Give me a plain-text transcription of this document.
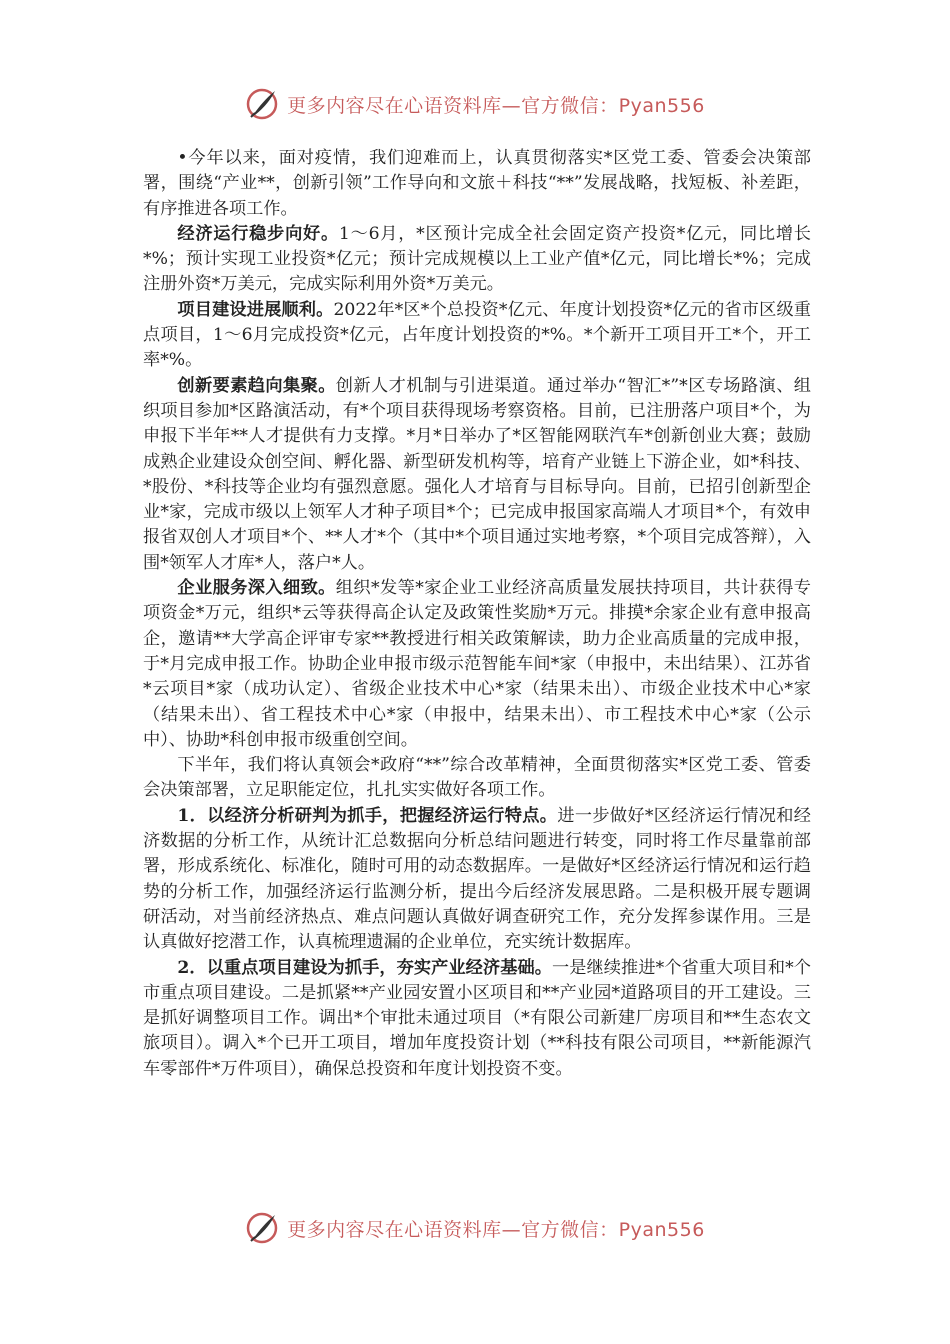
更多内容尽在心语资料库—官方微信：Pyan556

•今年以来，面对疫情，我们迎难而上，认真贯彻落实*区党工委、管委会决策部署，围绕“产业**，创新引领”工作导向和文旅＋科技“**”发展战略，找短板、补差距，有序推进各项工作。

经济运行稳步向好。1～6月，*区预计完成全社会固定资产投资*亿元，同比增长*%；预计实现工业投资*亿元；预计完成规模以上工业产值*亿元，同比增长*%；完成注册外资*万美元，完成实际利用外资*万美元。

项目建设进展顺利。2022年*区*个总投资*亿元、年度计划投资*亿元的省市区级重点项目，1～6月完成投资*亿元，占年度计划投资的*%。*个新开工项目开工*个，开工率*%。

创新要素趋向集聚。创新人才机制与引进渠道。通过举办“智汇*”*区专场路演、组织项目参加*区路演活动，有*个项目获得现场考察资格。目前，已注册落户项目*个，为申报下半年**人才提供有力支撑。*月*日举办了*区智能网联汽车*创新创业大赛；鼓励成熟企业建设众创空间、孵化器、新型研发机构等，培育产业链上下游企业，如*科技、*股份、*科技等企业均有强烈意愿。强化人才培育与目标导向。目前，已招引创新型企业*家，完成市级以上领军人才种子项目*个；已完成申报国家高端人才项目*个，有效申报省双创人才项目*个、**人才*个（其中*个项目通过实地考察，*个项目完成答辩），入围*领军人才库*人，落户*人。

企业服务深入细致。组织*发等*家企业工业经济高质量发展扶持项目，共计获得专项资金*万元，组织*云等获得高企认定及政策性奖励*万元。排摸*余家企业有意申报高企，邀请**大学高企评审专家**教授进行相关政策解读，助力企业高质量的完成申报，于*月完成申报工作。协助企业申报市级示范智能车间*家（申报中，未出结果）、江苏省*云项目*家（成功认定）、省级企业技术中心*家（结果未出）、市级企业技术中心*家（结果未出）、省工程技术中心*家（申报中，结果未出）、市工程技术中心*家（公示中）、协助*科创申报市级重创空间。

下半年，我们将认真领会*政府“**”综合改革精神，全面贯彻落实*区党工委、管委会决策部署，立足职能定位，扎扎实实做好各项工作。

1．以经济分析研判为抓手，把握经济运行特点。进一步做好*区经济运行情况和经济数据的分析工作，从统计汇总数据向分析总结问题进行转变，同时将工作尽量靠前部署，形成系统化、标准化，随时可用的动态数据库。一是做好*区经济运行情况和运行趋势的分析工作，加强经济运行监测分析，提出今后经济发展思路。二是积极开展专题调研活动，对当前经济热点、难点问题认真做好调查研究工作，充分发挥参谋作用。三是认真做好挖潜工作，认真梳理遗漏的企业单位，充实统计数据库。

2．以重点项目建设为抓手，夯实产业经济基础。一是继续推进*个省重大项目和*个市重点项目建设。二是抓紧**产业园安置小区项目和**产业园*道路项目的开工建设。三是抓好调整项目工作。调出*个审批未通过项目（*有限公司新建厂房项目和**生态农文旅项目）。调入*个已开工项目，增加年度投资计划（**科技有限公司项目，**新能源汽车零部件*万件项目），确保总投资和年度计划投资不变。

更多内容尽在心语资料库—官方微信：Pyan556
